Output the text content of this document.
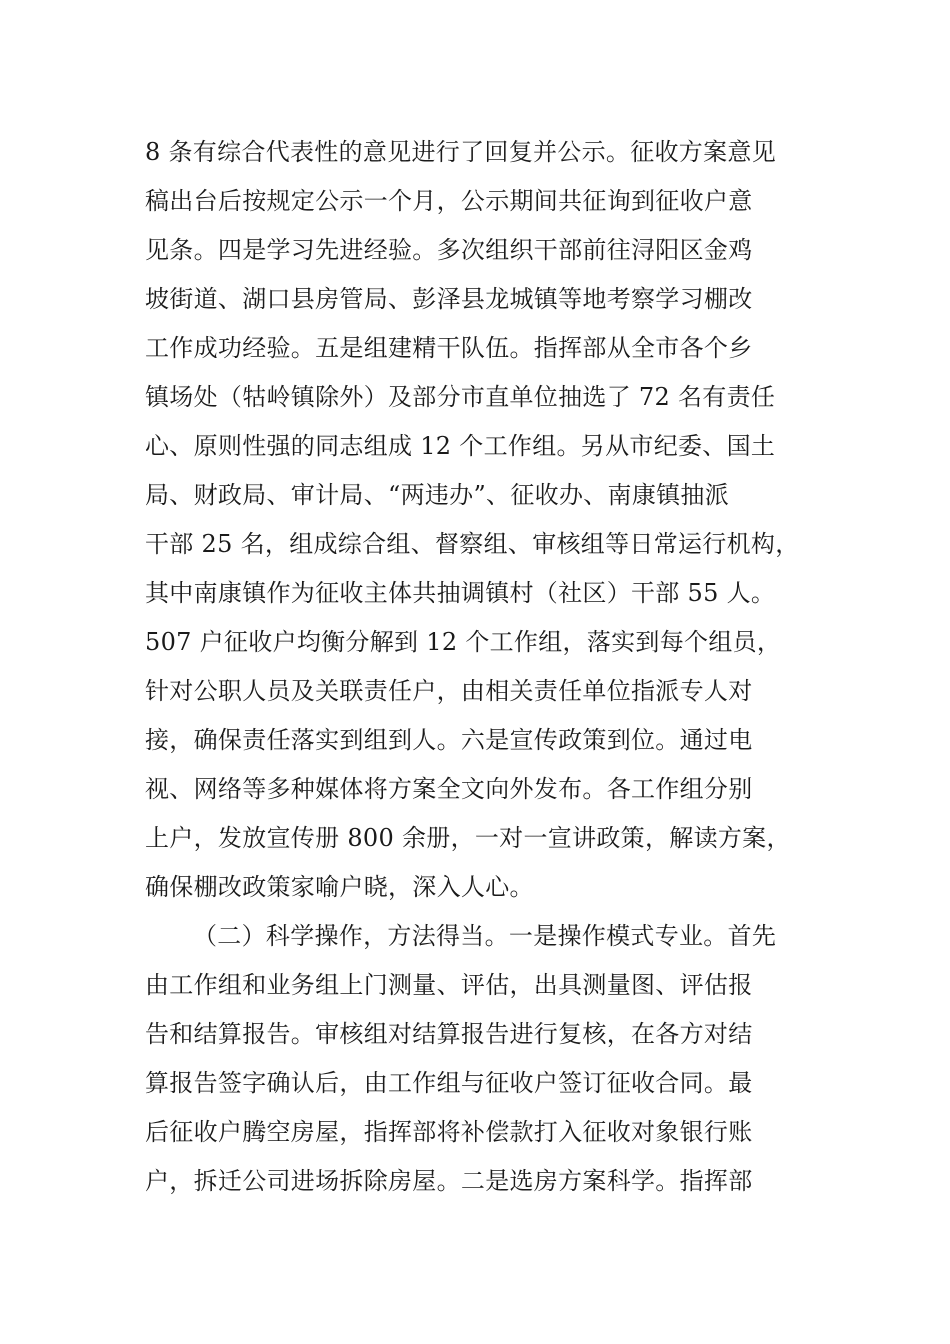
8 条有综合代表性的意见进行了回复并公示。征收方案意见
稿出台后按规定公示一个月，公示期间共征询到征收户意
见条。四是学习先进经验。多次组织干部前往浔阳区金鸡
坡街道、湖口县房管局、彭泽县龙城镇等地考察学习棚改
工作成功经验。五是组建精干队伍。指挥部从全市各个乡
镇场处（牯岭镇除外）及部分市直单位抽选了 72 名有责任
心、原则性强的同志组成 12 个工作组。另从市纪委、国土
局、财政局、审计局、“两违办”、征收办、南康镇抽派
干部 25 名，组成综合组、督察组、审核组等日常运行机构，
其中南康镇作为征收主体共抽调镇村（社区）干部 55 人。
507 户征收户均衡分解到 12 个工作组，落实到每个组员，
针对公职人员及关联责任户，由相关责任单位指派专人对
接，确保责任落实到组到人。六是宣传政策到位。通过电
视、网络等多种媒体将方案全文向外发布。各工作组分别
上户，发放宣传册 800 余册，一对一宣讲政策，解读方案，
确保棚改政策家喻户晓，深入人心。
（二）科学操作，方法得当。一是操作模式专业。首先
由工作组和业务组上门测量、评估，出具测量图、评估报
告和结算报告。审核组对结算报告进行复核，在各方对结
算报告签字确认后，由工作组与征收户签订征收合同。最
后征收户腾空房屋，指挥部将补偿款打入征收对象银行账
户，拆迁公司进场拆除房屋。二是选房方案科学。指挥部
